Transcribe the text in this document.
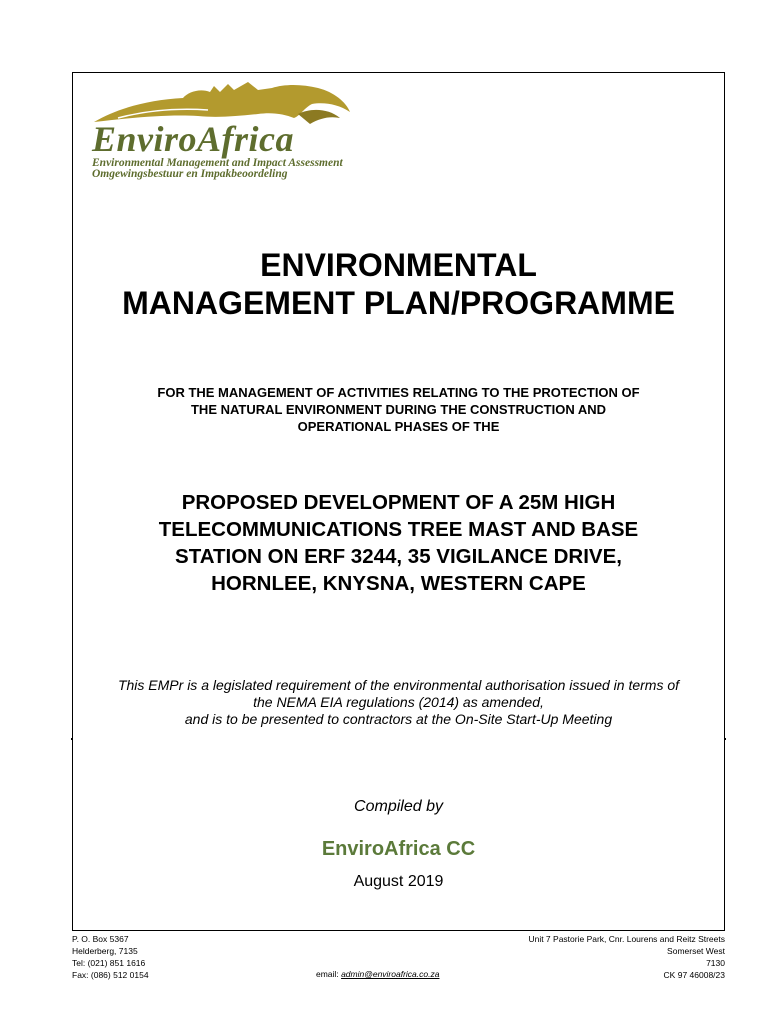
EnviroAfrica
Environmental Management and Impact Assessment
Omgewingsbestuur en Impakbeoordeling
ENVIRONMENTAL
MANAGEMENT PLAN/PROGRAMME
FOR THE MANAGEMENT OF ACTIVITIES RELATING TO THE PROTECTION OF
THE NATURAL ENVIRONMENT DURING THE CONSTRUCTION AND
OPERATIONAL PHASES OF THE
PROPOSED DEVELOPMENT OF A 25M HIGH
TELECOMMUNICATIONS TREE MAST AND BASE
STATION ON ERF 3244, 35 VIGILANCE DRIVE,
HORNLEE, KNYSNA, WESTERN CAPE
This EMPr is a legislated requirement of the environmental authorisation issued in terms of
the NEMA EIA regulations (2014) as amended,
and is to be presented to contractors at the On-Site Start-Up Meeting
Compiled by
EnviroAfrica CC
August 2019
P. O. Box 5367
Helderberg, 7135
Tel: (021) 851 1616
Fax: (086) 512 0154	email: admin@enviroafrica.co.za
Unit 7 Pastorie Park, Cnr. Lourens and Reitz Streets
Somerset West
7130
CK 97 46008/23
